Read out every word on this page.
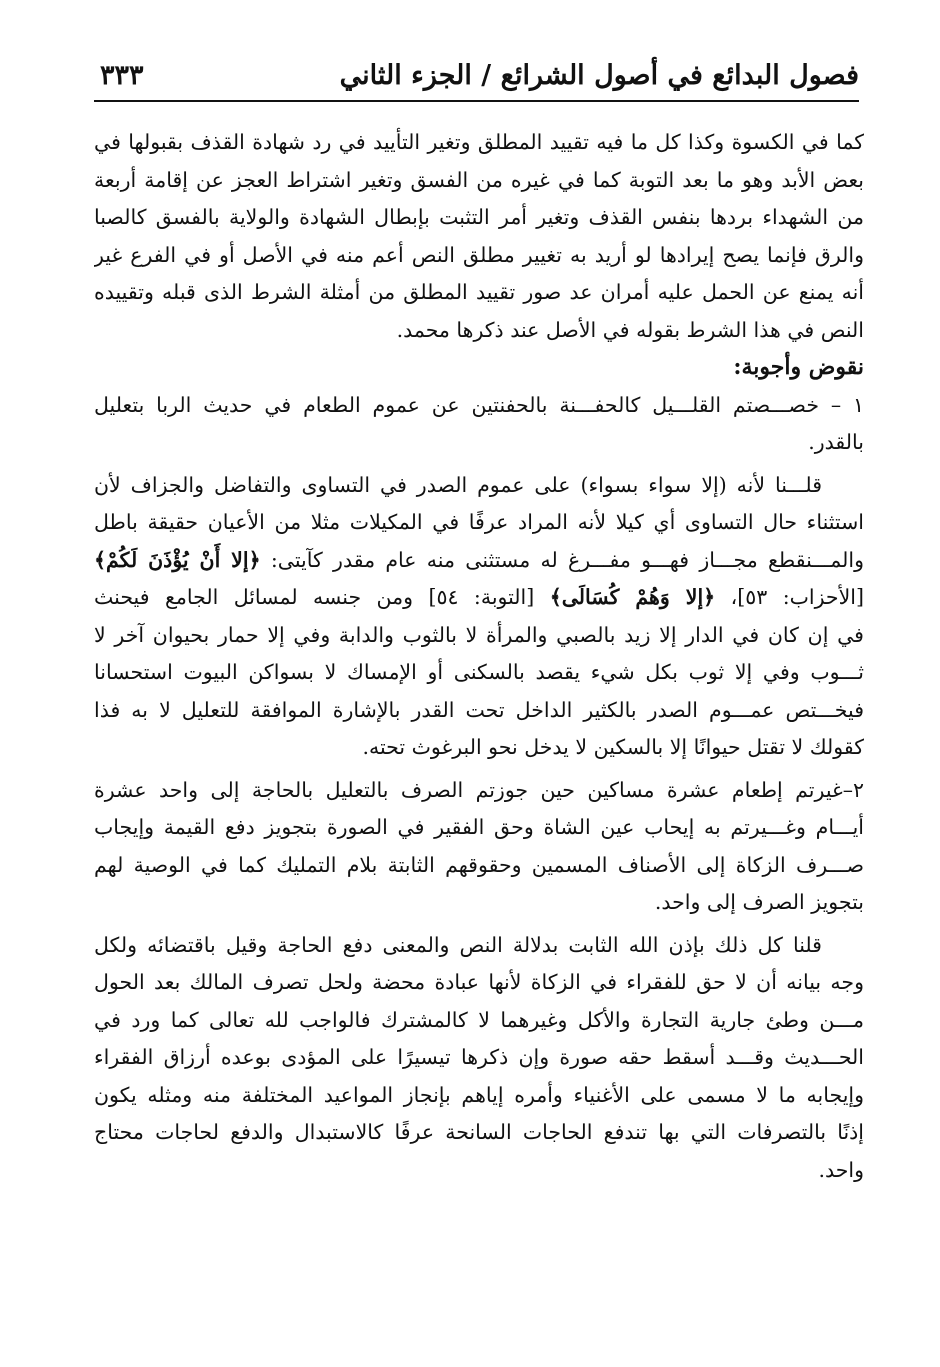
فصول البدائع في أصول الشرائع / الجزء الثاني
٣٣٣
كما في الكسوة وكذا كل ما فيه تقييد المطلق وتغير التأييد في رد شهادة القذف بقبولها في
بعض الأبد وهو ما بعد التوبة كما في غيره من الفسق وتغير اشتراط العجز عن إقامة أربعة
من الشهداء بردها بنفس القذف وتغير أمر التثبت بإبطال الشهادة والولاية بالفسق كالصبا
والرق فإنما يصح إيرادها لو أريد به تغيير مطلق النص أعم منه في الأصل أو في الفرع غير
أنه يمنع عن الحمل عليه أمران عد صور تقييد المطلق من أمثلة الشرط الذى قبله وتقييده
النص في هذا الشرط بقوله في الأصل عند ذكرها محمد.
نقوض وأجوبة:
١ – خصـــصتم القلـــيل كالحفـــنة بالحفنتين عن عموم الطعام في حديث الربا بتعليل
بالقدر.
قلـــنا لأنه (إلا سواء بسواء) على عموم الصدر في التساوى والتفاضل والجزاف لأن
استثناء حال التساوى أي كيلا لأنه المراد عرفًا في المكيلات مثلا من الأعيان حقيقة باطل
والمـــنقطع مجـــاز فهـــو مفـــرغ له مستثنى منه عام مقدر كآيتى: ﴿إلا أَنْ يُؤْذَنَ لَكُمْ﴾
[الأحزاب: ٥٣]، ﴿إلا وَهُمْ كُسَالَى﴾ [التوبة: ٥٤] ومن جنسه لمسائل الجامع فيحنث
في إن كان في الدار إلا زيد بالصبي والمرأة لا بالثوب والدابة وفي إلا حمار بحيوان آخر لا
ثـــوب وفي إلا ثوب بكل شيء يقصد بالسكنى أو الإمساك لا بسواكن البيوت استحسانا
فيخـــتص عمـــوم الصدر بالكثير الداخل تحت القدر بالإشارة الموافقة للتعليل لا به فذا
كقولك لا تقتل حيوانًا إلا بالسكين لا يدخل نحو البرغوث تحته.
٢–غيرتم إطعام عشرة مساكين حين جوزتم الصرف بالتعليل بالحاجة إلى واحد عشرة
أيـــام وغـــيرتم به إيحاب عين الشاة وحق الفقير في الصورة بتجويز دفع القيمة وإيجاب
صـــرف الزكاة إلى الأصناف المسمين وحقوقهم الثابتة بلام التمليك كما في الوصية لهم
بتجويز الصرف إلى واحد.
قلنا كل ذلك بإذن الله الثابت بدلالة النص والمعنى دفع الحاجة وقيل باقتضائه ولكل
وجه بيانه أن لا حق للفقراء في الزكاة لأنها عبادة محضة ولحل تصرف المالك بعد الحول
مـــن وطئ جارية التجارة والأكل وغيرهما لا كالمشترك فالواجب لله تعالى كما ورد في
الحـــديث وقـــد أسقط حقه صورة وإن ذكرها تيسيرًا على المؤدى بوعده أرزاق الفقراء
وإيجابه ما لا مسمى على الأغنياء وأمره إياهم بإنجاز المواعيد المختلفة منه ومثله يكون
إذنًا بالتصرفات التي بها تندفع الحاجات السانحة عرفًا كالاستبدال والدفع لحاجات محتاج
واحد.
